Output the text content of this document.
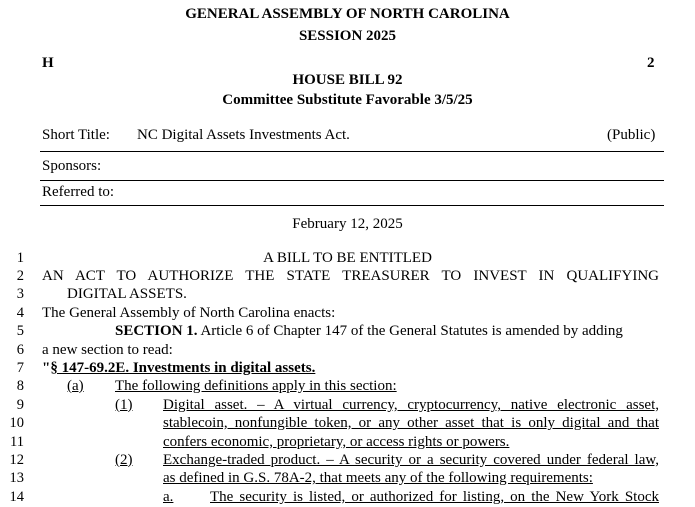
GENERAL ASSEMBLY OF NORTH CAROLINA
SESSION 2025
H	2
HOUSE BILL 92
Committee Substitute Favorable 3/5/25
Short Title: NC Digital Assets Investments Act.	(Public)
Sponsors:
Referred to:
February 12, 2025
1
2
3
4
5
6
7
8
9
10
11
12
13
14
A BILL TO BE ENTITLED
AN ACT TO AUTHORIZE THE STATE TREASURER TO INVEST IN QUALIFYING
DIGITAL ASSETS.
The General Assembly of North Carolina enacts:
SECTION 1. Article 6 of Chapter 147 of the General Statutes is amended by adding
a new section to read:
"§ 147-69.2E. Investments in digital assets.
(a) The following definitions apply in this section:
(1) Digital asset. – A virtual currency, cryptocurrency, native electronic asset,
stablecoin, nonfungible token, or any other asset that is only digital and that
confers economic, proprietary, or access rights or powers.
(2) Exchange-traded product. – A security or a security covered under federal law,
as defined in G.S. 78A-2, that meets any of the following requirements:
a. The security is listed, or authorized for listing, on the New York Stock
